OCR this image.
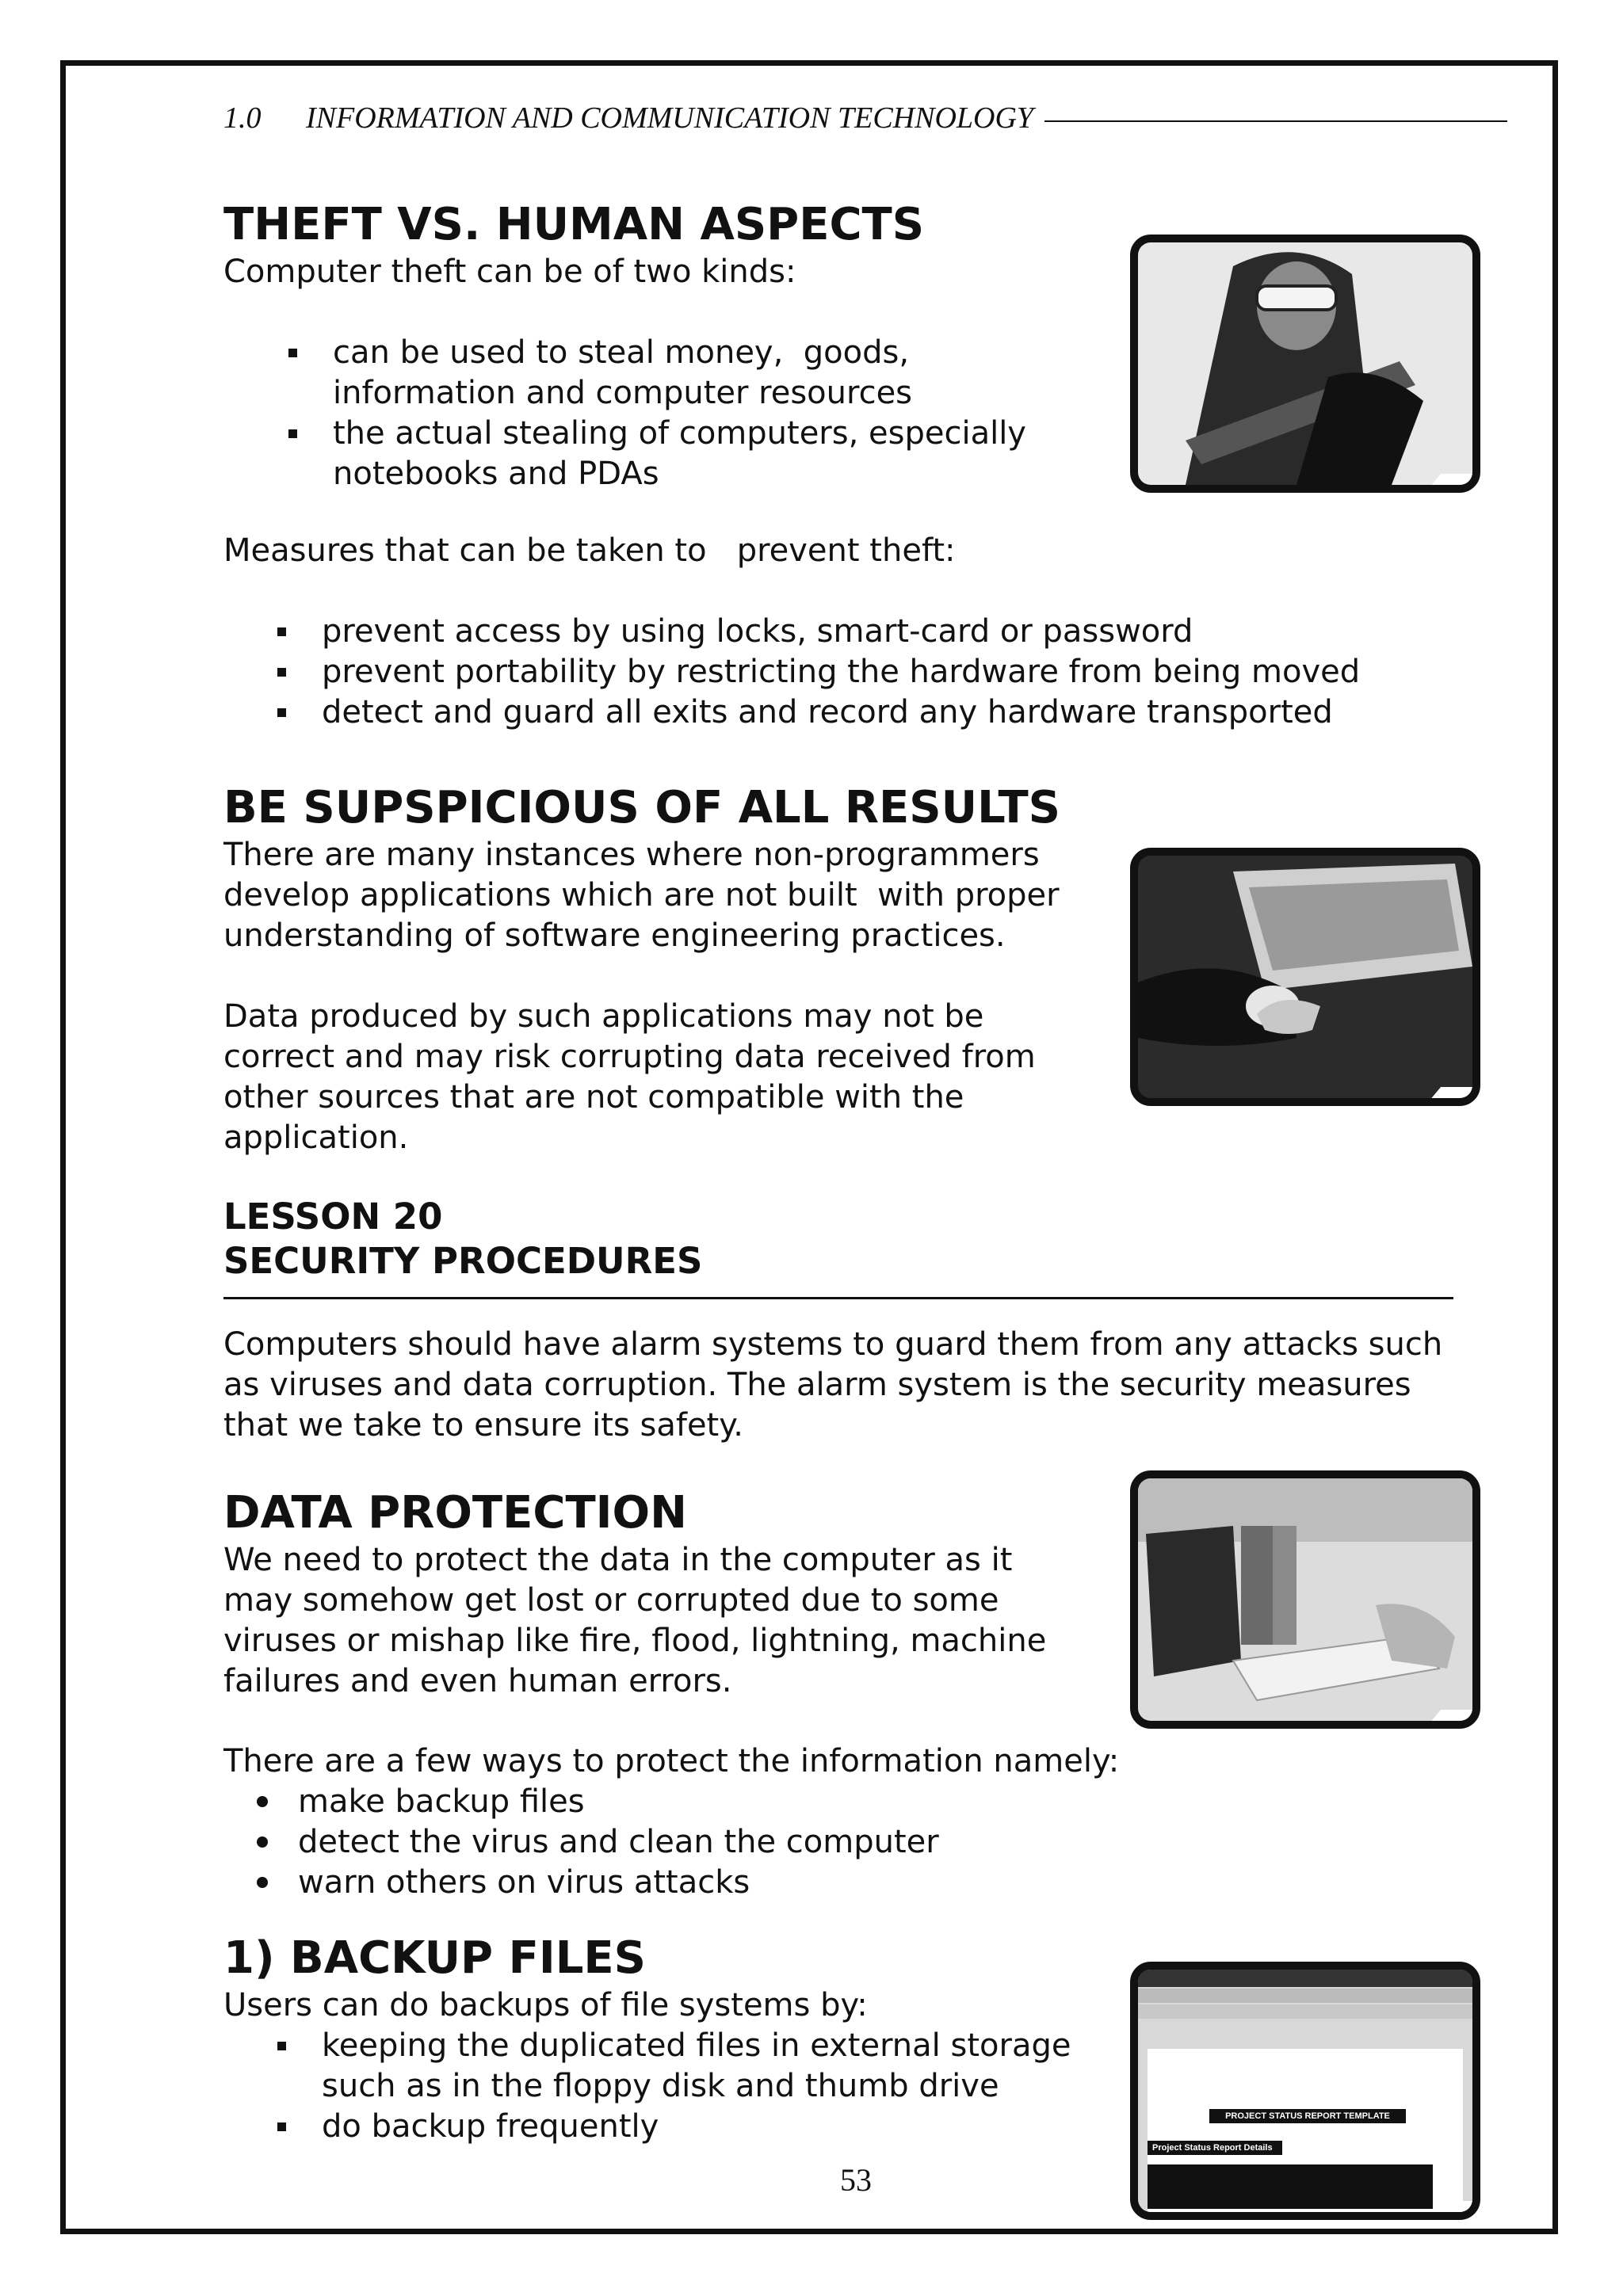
1.0	INFORMATION AND COMMUNICATION TECHNOLOGY
THEFT VS. HUMAN ASPECTS

Computer theft can be of two kinds:

can be used to steal money,  goods,
information and computer resources
the actual stealing of computers, especially
notebooks and PDAs

Measures that can be taken to   prevent theft:

prevent access by using locks, smart-card or password
prevent portability by restricting the hardware from being moved
detect and guard all exits and record any hardware transported
BE SUPSPICIOUS OF ALL RESULTS

There are many instances where non-programmers
develop applications which are not built  with proper
understanding of software engineering practices.

Data produced by such applications may not be
correct and may risk corrupting data received from
other sources that are not compatible with the
application.

LESSON 20
SECURITY PROCEDURES

Computers should have alarm systems to guard them from any attacks such
as viruses and data corruption. The alarm system is the security measures
that we take to ensure its safety.

DATA PROTECTION

We need to protect the data in the computer as it
may somehow get lost or corrupted due to some
viruses or mishap like fire, flood, lightning, machine
failures and even human errors.

There are a few ways to protect the information namely:

make backup files
detect the virus and clean the computer
warn others on virus attacks
1) BACKUP FILES

Users can do backups of file systems by:

keeping the duplicated files in external storage
such as in the floppy disk and thumb drive
do backup frequently	PROJECT STATUS REPORT TEMPLATE
Project Status Report Details
53
